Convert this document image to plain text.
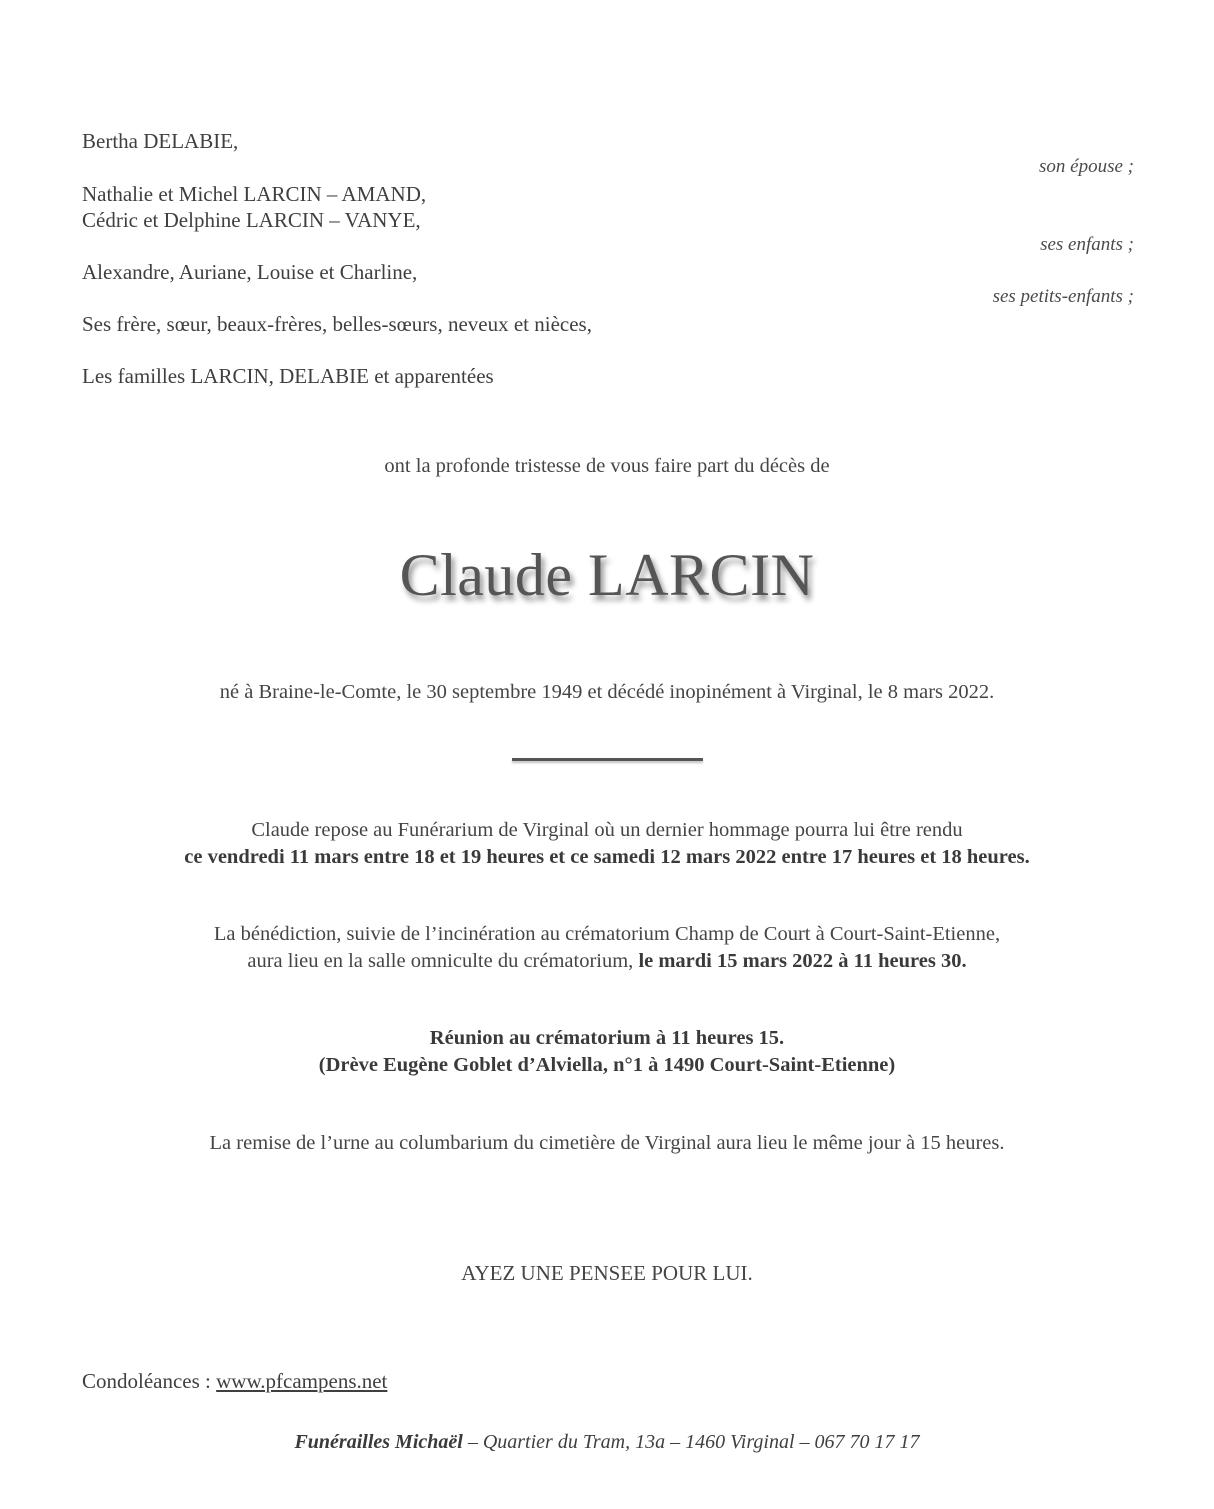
Bertha DELABIE,
son épouse ;
Nathalie et Michel LARCIN – AMAND,
Cédric et Delphine LARCIN – VANYE,
ses enfants ;
Alexandre, Auriane, Louise et Charline,
ses petits-enfants ;
Ses frère, sœur, beaux-frères, belles-sœurs, neveux et nièces,
Les familles LARCIN, DELABIE et apparentées
ont la profonde tristesse de vous faire part du décès de
Claude LARCIN
né à Braine-le-Comte, le 30 septembre 1949 et décédé inopinément à Virginal, le 8 mars 2022.
Claude repose au Funérarium de Virginal où un dernier hommage pourra lui être rendu
ce vendredi 11 mars entre 18 et 19 heures et ce samedi 12 mars 2022 entre 17 heures et 18 heures.
La bénédiction, suivie de l’incinération au crématorium Champ de Court à Court-Saint-Etienne,
aura lieu en la salle omniculte du crématorium, le mardi 15 mars 2022 à 11 heures 30.
Réunion au crématorium à 11 heures 15.
(Drève Eugène Goblet d’Alviella, n°1 à 1490 Court-Saint-Etienne)
La remise de l’urne au columbarium du cimetière de Virginal aura lieu le même jour à 15 heures.
AYEZ UNE PENSEE POUR LUI.
Condoléances : www.pfcampens.net
Funérailles Michaël – Quartier du Tram, 13a – 1460 Virginal – 067 70 17 17
